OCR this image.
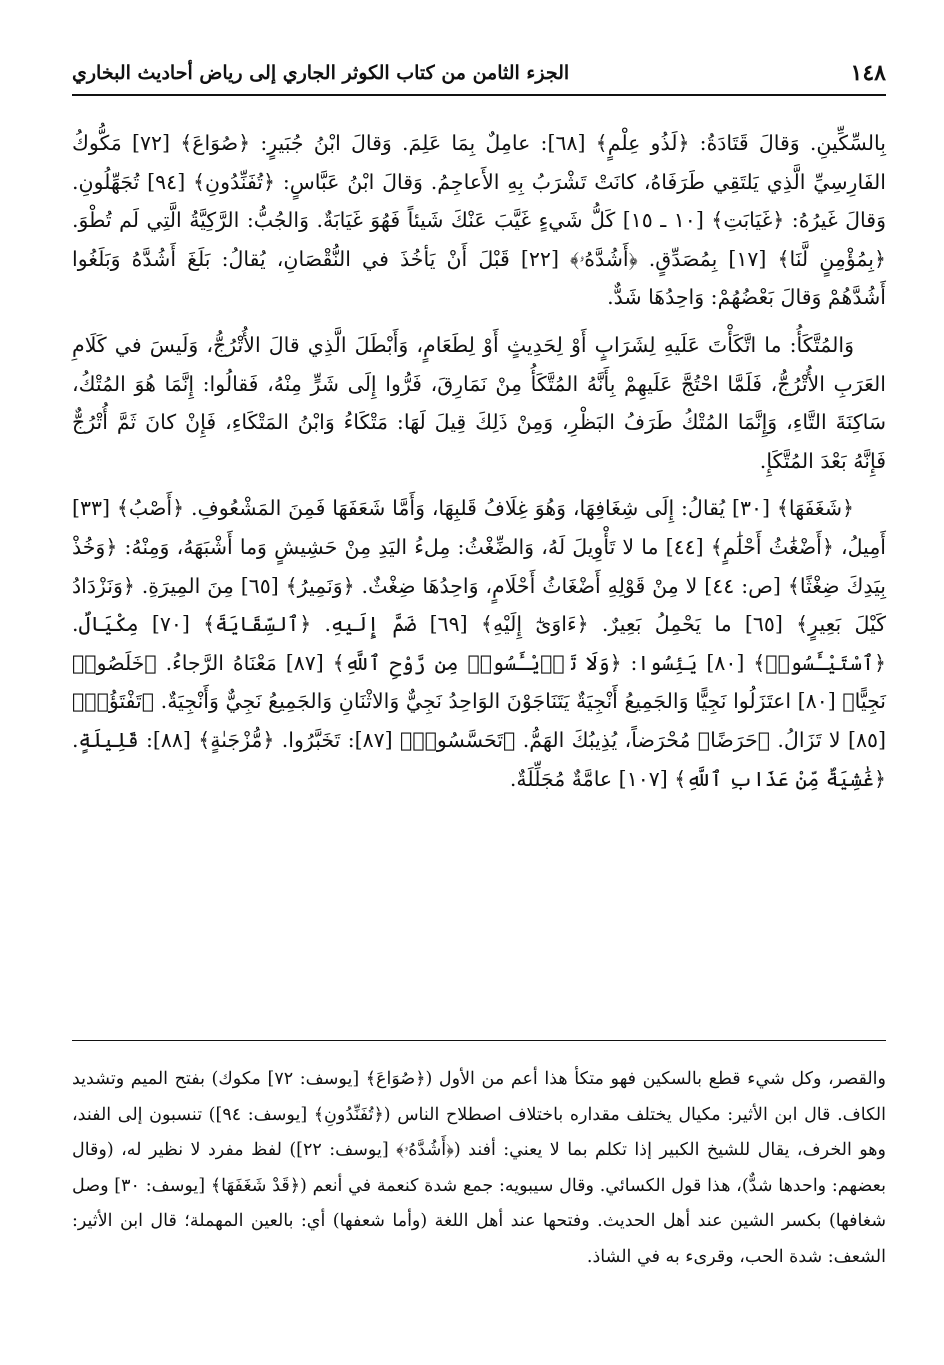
١٤٨
الجزء الثامن من كتاب الكوثر الجاري إلى رياض أحاديث البخاري

بِالسِّكِّينِ. وَقالَ قَتَادَةُ: ﴿لَذُو عِلْمٍ﴾ [٦٨]: عامِلٌ بِمَا عَلِمَ. وَقالَ ابْنُ جُبَيرٍ: ﴿صُوَاعَ﴾ [٧٢] مَكُّوكُ الفَارِسِيِّ الَّذِي يَلتَقِي طَرَفَاهُ، كانَتْ تَشْرَبُ بِهِ الأَعاجِمُ. وَقالَ ابْنُ عَبَّاسٍ: ﴿تُفَنِّدُونِ﴾ [٩٤] تُجَهِّلُونِ. وَقالَ غَيرُهُ: ﴿غَيَابَتِ﴾ [١٠ ـ ١٥] كَلُّ شَيءٍ غَيَّبَ عَنْكَ شَيئاً فَهُوَ غَيَابَةٌ. وَالجُبُّ: الرَّكِيَّةُ الَّتِي لَم تُطْوَ. ﴿بِمُؤْمِنٍ لَّنَا﴾ [١٧] بِمُصَدِّقٍ. ﴿أَشُدَّهُۥ﴾ [٢٢] قَبْلَ أَنْ يَأخُذَ في النُّقْصَانِ، يُقالُ: بَلَغَ أَشُدَّهُ وَبَلَغُوا أَشُدَّهُمْ وَقالَ بَعْضُهُمْ: وَاحِدُهَا شَدٌّ.

وَالمُتَّكَأُ: ما اتَّكَأْتَ عَلَيهِ لِشَرَابٍ أَوْ لِحَدِيثٍ أَوْ لِطَعَامٍ، وَأَبْطَلَ الَّذِي قالَ الأُتْرُجُّ، وَلَيسَ في كَلَامِ العَرَبِ الأُتْرُجُّ، فَلَمَّا احْتُجَّ عَلَيهِمْ بِأَنَّهُ المُتَّكَأُ مِنْ نَمَارِقَ، فَرُّوا إِلَى شَرٍّ مِنْهُ، فَقالُوا: إِنَّمَا هُوَ المُتْكُ، سَاكِنَةَ التَّاءِ، وَإِنَّمَا المُتْكُ طَرَفُ البَظْرِ، وَمِنْ ذَلِكَ قِيلَ لَهَا: مَتْكَاءُ وَابْنُ المَتْكَاءِ، فَإِنْ كانَ ثَمَّ أُتْرُجٌّ فَإِنَّهُ بَعْدَ المُتَّكَإِ.

﴿شَغَفَهَا﴾ [٣٠] يُقالُ: إِلَى شِغَافِهَا، وَهُوَ غِلَافُ قَلبِهَا، وَأَمَّا شَعَفَهَا فَمِنَ المَشْعُوفِ. ﴿أَصْبُ﴾ [٣٣] أَمِيلُ، ﴿أَضْغَٰثُ أَحْلَٰمٍ﴾ [٤٤] ما لا تَأْوِيلَ لَهُ، وَالضِّغْثُ: مِلءُ اليَدِ مِنْ حَشِيشٍ وَما أَشْبَهَهُ، وَمِنْهُ: ﴿وَخُذْ بِيَدِكَ ضِغْثًا﴾ [ص: ٤٤] لا مِنْ قَوْلِهِ أَضْغَاثُ أَحْلَامٍ، وَاحِدُهَا ضِغْثٌ. ﴿وَنَمِيرُ﴾ [٦٥] مِنَ المِيرَةِ. ﴿وَنَزْدَادُ كَيْلَ بَعِيرٍ﴾ [٦٥] ما يَحْمِلُ بَعِيرٌ. ﴿ءَاوَىٰٓ إِلَيْهِ﴾ [٦٩] ضَمَّ إِلَيهِ. ﴿ٱلسِّقَايَةَ﴾ [٧٠] مِكْيَالٌ. ﴿ٱسْتَيْـَٔسُوا۟﴾ [٨٠] يَئِسُوا: ﴿وَلَا تَا۟يْـَٔسُوا۟ مِن رَّوْحِ ٱللَّهِ﴾ [٨٧] مَعْنَاهُ الرَّجاءُ. ﴿خَلَصُوا۟ نَجِيًّا﴾ [٨٠] اعتَزَلُوا نَجِيًّا وَالجَمِيعُ أَنْجِيَةٌ يَتَنَاجَوْنَ الوَاحِدُ نَجِيٌّ وَالاثْنَانِ وَالجَمِيعُ نَجِيٌّ وَأَنْجِيَةٌ. ﴿تَفْتَؤُا۟﴾ [٨٥] لا تَزَالُ. ﴿حَرَضًا﴾ مُحْرَضاً، يُذِيبُكَ الهَمُّ. ﴿تَحَسَّسُوا۟﴾ [٨٧]: تَخَبَّرُوا. ﴿مُّزْجَىٰةٍ﴾ [٨٨]: قَلِيلَةٍ. ﴿غَٰشِيَةٌ مِّنْ عَذَابِ ٱللَّهِ﴾ [١٠٧] عامَّةٌ مُجَلِّلَةٌ.

والقصر، وكل شيء قطع بالسكين فهو متكأ هذا أعم من الأول (﴿صُوَاعَ﴾ [يوسف: ٧٢] مكوك) بفتح الميم وتشديد الكاف. قال ابن الأثير: مكيال يختلف مقداره باختلاف اصطلاح الناس (﴿تُفَنِّدُونِ﴾ [يوسف: ٩٤]) تنسبون إلى الفند، وهو الخرف، يقال للشيخ الكبير إذا تكلم بما لا يعني: أفند (﴿أَشُدَّهُۥ﴾ [يوسف: ٢٢]) لفظ مفرد لا نظير له، (وقال بعضهم: واحدها شدٌّ)، هذا قول الكسائي. وقال سيبويه: جمع شدة كنعمة في أنعم (﴿قَدْ شَغَفَهَا﴾ [يوسف: ٣٠] وصل شغافها) بكسر الشين عند أهل الحديث. وفتحها عند أهل اللغة (وأما شعفها) أي: بالعين المهملة؛ قال ابن الأثير: الشعف: شدة الحب، وقرىء به في الشاذ.
